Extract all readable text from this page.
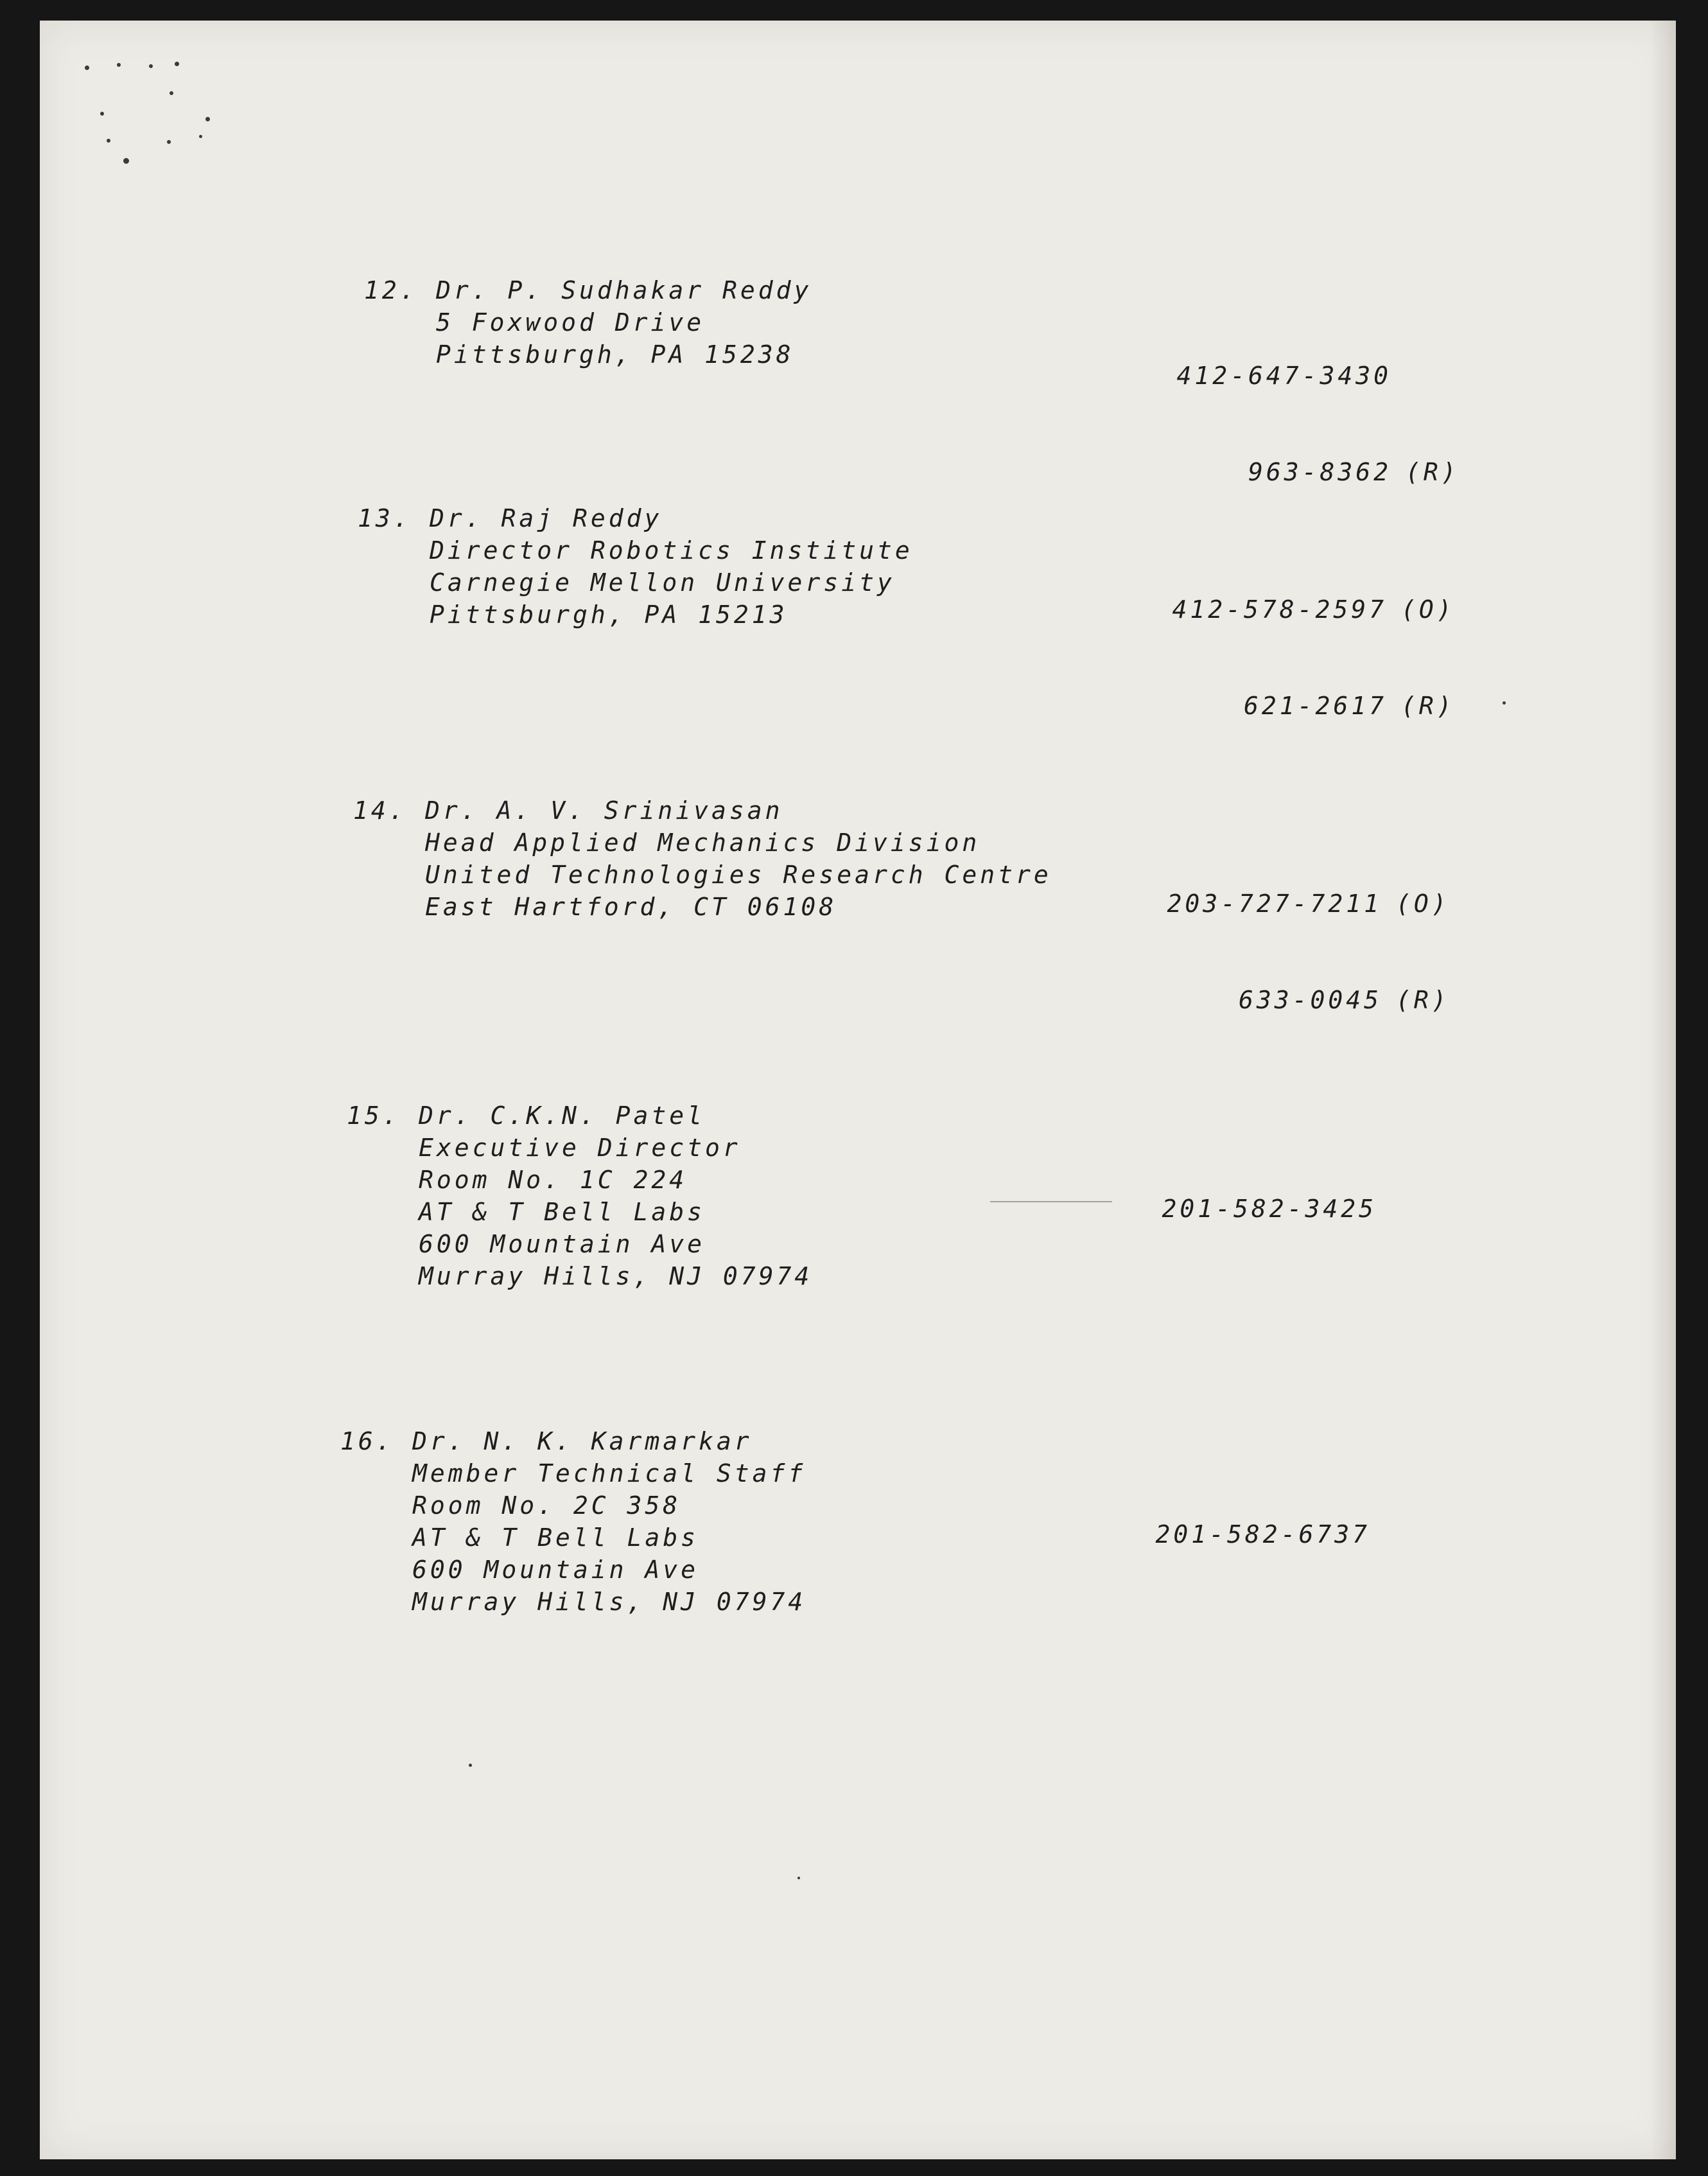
12. Dr. P. Sudhakar Reddy
5 Foxwood Drive
Pittsburgh, PA 15238

412-647-3430

963-8362 (R)

13. Dr. Raj Reddy
Director Robotics Institute
Carnegie Mellon University
Pittsburgh, PA 15213

	412-578-2597 (O)

621-2617 (R)

14. Dr. A. V. Srinivasan
Head Applied Mechanics Division
United Technologies Research Centre
East Hartford, CT 06108

	203-727-7211 (O)

633-0045 (R)

15. Dr. C.K.N. Patel
Executive Director
Room No. 1C 224
AT & T Bell Labs
600 Mountain Ave
Murray Hills, NJ 07974

201-582-3425

16. Dr. N. K. Karmarkar
Member Technical Staff
Room No. 2C 358
AT & T Bell Labs
600 Mountain Ave
Murray Hills, NJ 07974

201-582-6737
